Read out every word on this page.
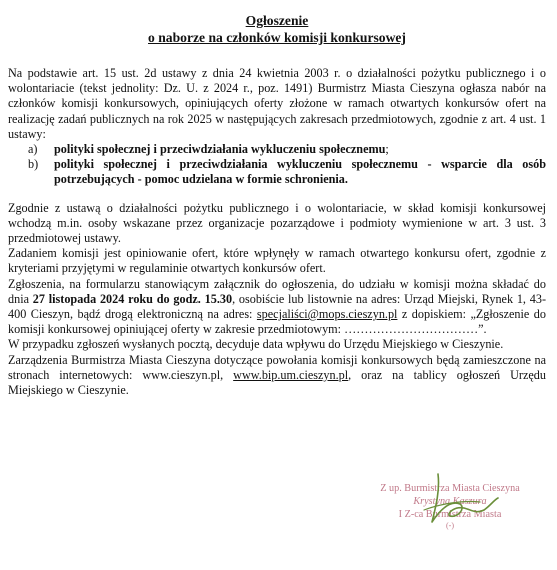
Ogłoszenie
o naborze na członków komisji konkursowej

Na podstawie art. 15 ust. 2d ustawy z dnia 24 kwietnia 2003 r. o działalności pożytku publicznego i o wolontariacie (tekst jednolity: Dz. U. z 2024 r., poz. 1491) Burmistrz Miasta Cieszyna ogłasza nabór na członków komisji konkursowych, opiniujących oferty złożone w ramach otwartych konkursów ofert na realizację zadań publicznych na rok 2025 w następujących zakresach przedmiotowych, zgodnie z art. 4 ust. 1 ustawy:

a)	polityki społecznej i przeciwdziałania wykluczeniu społecznemu;
b)	polityki społecznej i przeciwdziałania wykluczeniu społecznemu - wsparcie dla osób potrzebujących - pomoc udzielana w formie schronienia.

Zgodnie z ustawą o działalności pożytku publicznego i o wolontariacie, w skład komisji konkursowej wchodzą m.in. osoby wskazane przez organizacje pozarządowe i podmioty wymienione w art. 3 ust. 3 przedmiotowej ustawy.

Zadaniem komisji jest opiniowanie ofert, które wpłynęły w ramach otwartego konkursu ofert, zgodnie z kryteriami przyjętymi w regulaminie otwartych konkursów ofert.

Zgłoszenia, na formularzu stanowiącym załącznik do ogłoszenia, do udziału w komisji można składać do dnia 27 listopada 2024 roku do godz. 15.30, osobiście lub listownie na adres: Urząd Miejski, Rynek 1, 43-400 Cieszyn, bądź drogą elektroniczną na adres: specjaliści@mops.cieszyn.pl z dopiskiem: „Zgłoszenie do komisji konkursowej opiniującej oferty w zakresie przedmiotowym: ……………………………”.

W przypadku zgłoszeń wysłanych pocztą, decyduje data wpływu do Urzędu Miejskiego w Cieszynie.

Zarządzenia Burmistrza Miasta Cieszyna dotyczące powołania komisji konkursowych będą zamieszczone na stronach internetowych: www.cieszyn.pl, www.bip.um.cieszyn.pl, oraz na tablicy ogłoszeń Urzędu Miejskiego w Cieszynie.

Z up. Burmistrza Miasta Cieszyna
Krystyna Kaszura
I Z-ca Burmistrza Miasta
(-)
